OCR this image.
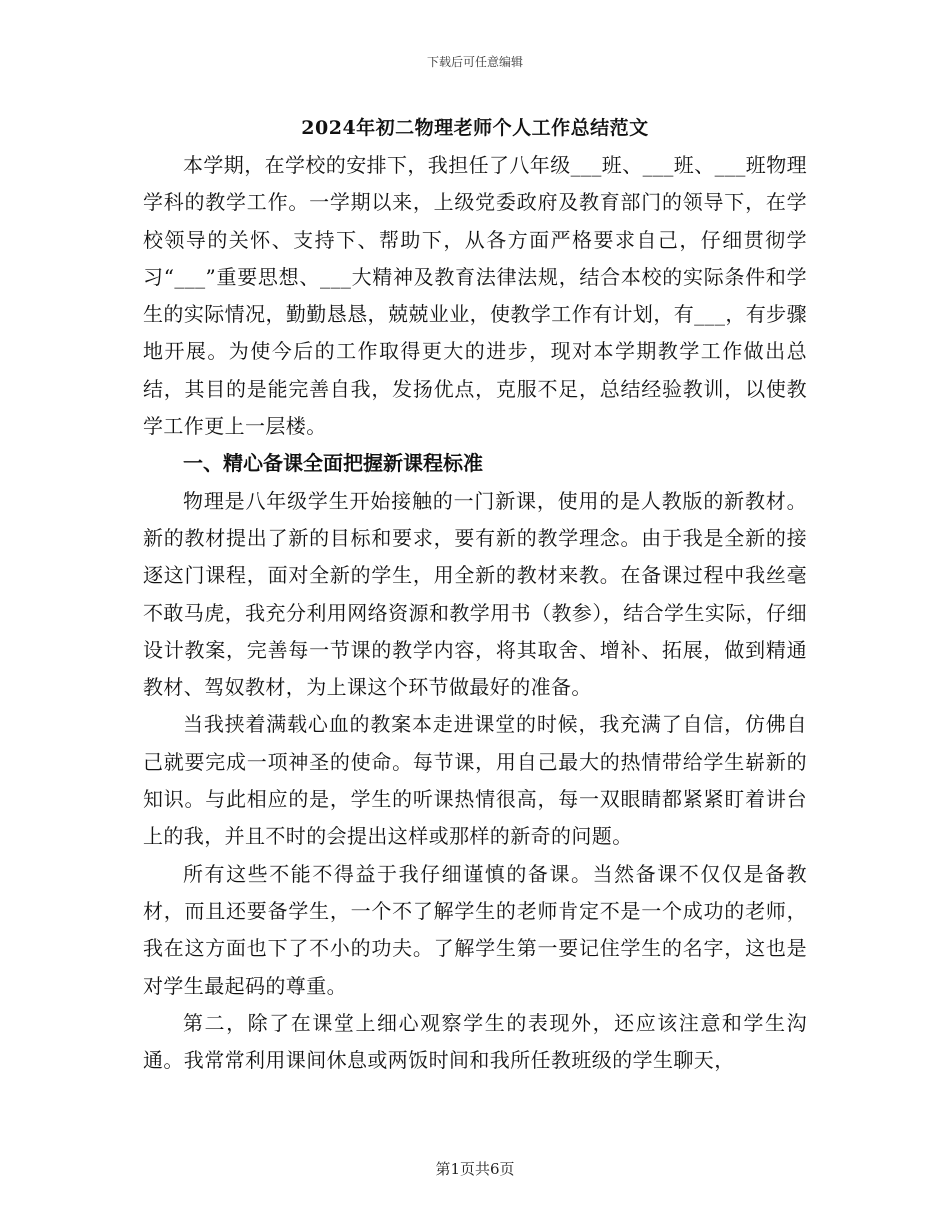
下载后可任意编辑
2024年初二物理老师个人工作总结范文

本学期，在学校的安排下，我担任了八年级___班、___班、___班物理学科的教学工作。一学期以来，上级党委政府及教育部门的领导下，在学校领导的关怀、支持下、帮助下，从各方面严格要求自己，仔细贯彻学习“___”重要思想、___大精神及教育法律法规，结合本校的实际条件和学生的实际情况，勤勤恳恳，兢兢业业，使教学工作有计划，有___，有步骤地开展。为使今后的工作取得更大的进步，现对本学期教学工作做出总结，其目的是能完善自我，发扬优点，克服不足，总结经验教训，以使教学工作更上一层楼。

一、精心备课全面把握新课程标准

物理是八年级学生开始接触的一门新课，使用的是人教版的新教材。新的教材提出了新的目标和要求，要有新的教学理念。由于我是全新的接逐这门课程，面对全新的学生，用全新的教材来教。在备课过程中我丝毫不敢马虎，我充分利用网络资源和教学用书（教参），结合学生实际，仔细设计教案，完善每一节课的教学内容，将其取舍、增补、拓展，做到精通教材、驾奴教材，为上课这个环节做最好的准备。

当我挟着满载心血的教案本走进课堂的时候，我充满了自信，仿佛自己就要完成一项神圣的使命。每节课，用自己最大的热情带给学生崭新的知识。与此相应的是，学生的听课热情很高，每一双眼睛都紧紧盯着讲台上的我，并且不时的会提出这样或那样的新奇的问题。

所有这些不能不得益于我仔细谨慎的备课。当然备课不仅仅是备教材，而且还要备学生，一个不了解学生的老师肯定不是一个成功的老师，我在这方面也下了不小的功夫。了解学生第一要记住学生的名字，这也是对学生最起码的尊重。

第二，除了在课堂上细心观察学生的表现外，还应该注意和学生沟通。我常常利用课间休息或两饭时间和我所任教班级的学生聊天，

第1页共6页
